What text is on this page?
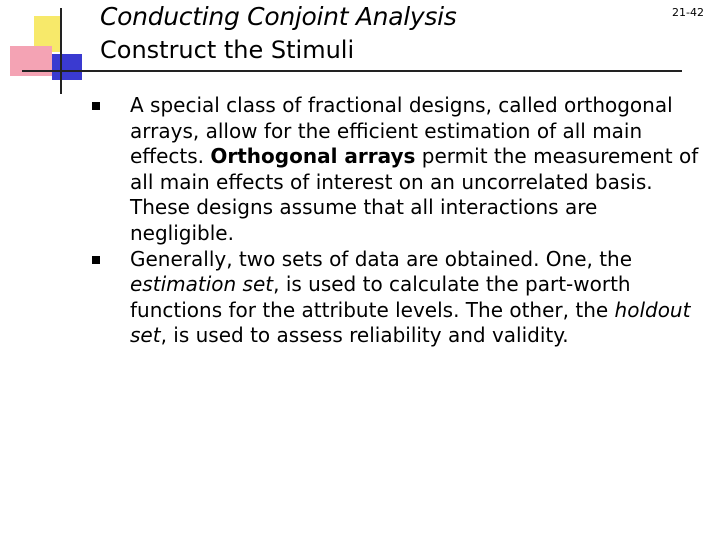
Conducting Conjoint Analysis
Construct the Stimuli
21-42
A special class of fractional designs, called orthogonal arrays, allow for the efficient estimation of all main effects. Orthogonal arrays permit the measurement of all main effects of interest on an uncorrelated basis. These designs assume that all interactions are negligible.
Generally, two sets of data are obtained. One, the estimation set, is used to calculate the part-worth functions for the attribute levels. The other, the holdout set, is used to assess reliability and validity.
